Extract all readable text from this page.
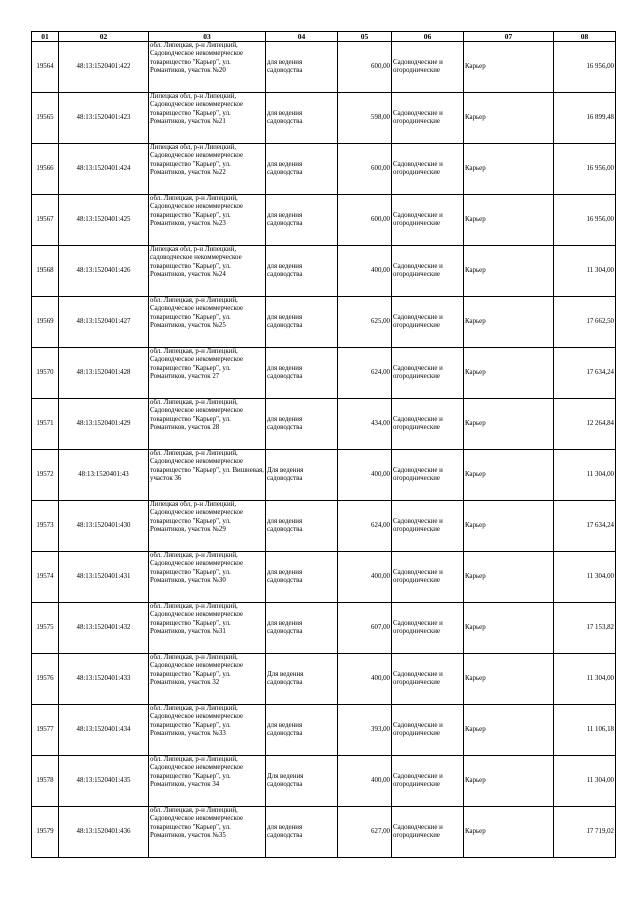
01	02	03	04	05	06	07	08
19564	48:13:1520401:422	обл. Липецкая, р-н Липецкий, Садоводческое некоммерческое товарищество "Карьер", ул. Романтиков, участок №20	для ведения садоводства	600,00	Садоводческие и огороднические	Карьер	16 956,00
19565	48:13:1520401:423	Липецкая обл, р-н Липецкий, Садоводческое некоммерческое товарищество "Карьер", ул. Романтиков, участок №21	для ведения садоводства	598,00	Садоводческие и огороднические	Карьер	16 899,48
19566	48:13:1520401:424	Липецкая обл, р-н Липецкий, Садоводческое некоммерческое товарищество "Карьер", ул. Романтиков, участок №22	для ведения садоводства	600,00	Садоводческие и огороднические	Карьер	16 956,00
19567	48:13:1520401:425	обл. Липецкая, р-н Липецкий, Садоводческое некоммерческое товарищество "Карьер", ул. Романтиков, участок №23	для ведения садоводства	600,00	Садоводческие и огороднические	Карьер	16 956,00
19568	48:13:1520401:426	Липецкая обл, р-н Липецкий, садоводческое некоммерческое товарищество "Карьер", ул. Романтиков, участок №24	для ведения садоводства	400,00	Садоводческие и огороднические	Карьер	11 304,00
19569	48:13:1520401:427	обл. Липецкая, р-н Липецкий, Садоводческое некоммерческое товарищество "Карьер", ул. Романтиков, участок №25	для ведения садоводства	625,00	Садоводческие и огороднические	Карьер	17 662,50
19570	48:13:1520401:428	обл. Липецкая, р-н Липецкий, Садоводческое некоммерческое товарищество "Карьер", ул. Романтиков, участок 27	для ведения садоводства	624,00	Садоводческие и огороднические	Карьер	17 634,24
19571	48:13:1520401:429	обл. Липецкая, р-н Липецкий, Садоводческое некоммерческое товарищество "Карьер", ул. Романтиков, участок 28	для ведения садоводства	434,00	Садоводческие и огороднические	Карьер	12 264,84
19572	48:13:1520401:43	обл. Липецкая, р-н Липецкий, Садоводческое некоммерческое товарищество "Карьер", ул. Вишневая, участок 36	Для ведения садоводства	400,00	Садоводческие и огороднические	Карьер	11 304,00
19573	48:13:1520401:430	Липецкая обл, р-н Липецкий, Садоводческое некоммерческое товарищество "Карьер", ул. Романтиков, участок №29	для ведения садоводства	624,00	Садоводческие и огороднические	Карьер	17 634,24
19574	48:13:1520401:431	обл. Липецкая, р-н Липецкий, Садоводческое некоммерческое товарищество "Карьер", ул. Романтиков, участок №30	для ведения садоводства	400,00	Садоводческие и огороднические	Карьер	11 304,00
19575	48:13:1520401:432	обл. Липецкая, р-н Липецкий, Садоводческое некоммерческое товарищество "Карьер", ул. Романтиков, участок №31	для ведения садоводства	607,00	Садоводческие и огороднические	Карьер	17 153,82
19576	48:13:1520401:433	обл. Липецкая, р-н Липецкий, Садоводческое некоммерческое товарищество "Карьер", ул. Романтиков, участок 32	Для ведения садоводства	400,00	Садоводческие и огороднические	Карьер	11 304,00
19577	48:13:1520401:434	обл. Липецкая, р-н Липецкий, Садоводческое некоммерческое товарищество "Карьер", ул. Романтиков, участок №33	для ведения садоводства	393,00	Садоводческие и огороднические	Карьер	11 106,18
19578	48:13:1520401:435	обл. Липецкая, р-н Липецкий, Садоводческое некоммерческое товарищество "Карьер", ул. Романтиков, участок 34	Для ведения садоводства	400,00	Садоводческие и огороднические	Карьер	11 304,00
19579	48:13:1520401:436	обл. Липецкая, р-н Липецкий, Садоводческое некоммерческое товарищество "Карьер", ул. Романтиков, участок №35	для ведения садоводства	627,00	Садоводческие и огороднические	Карьер	17 719,02
